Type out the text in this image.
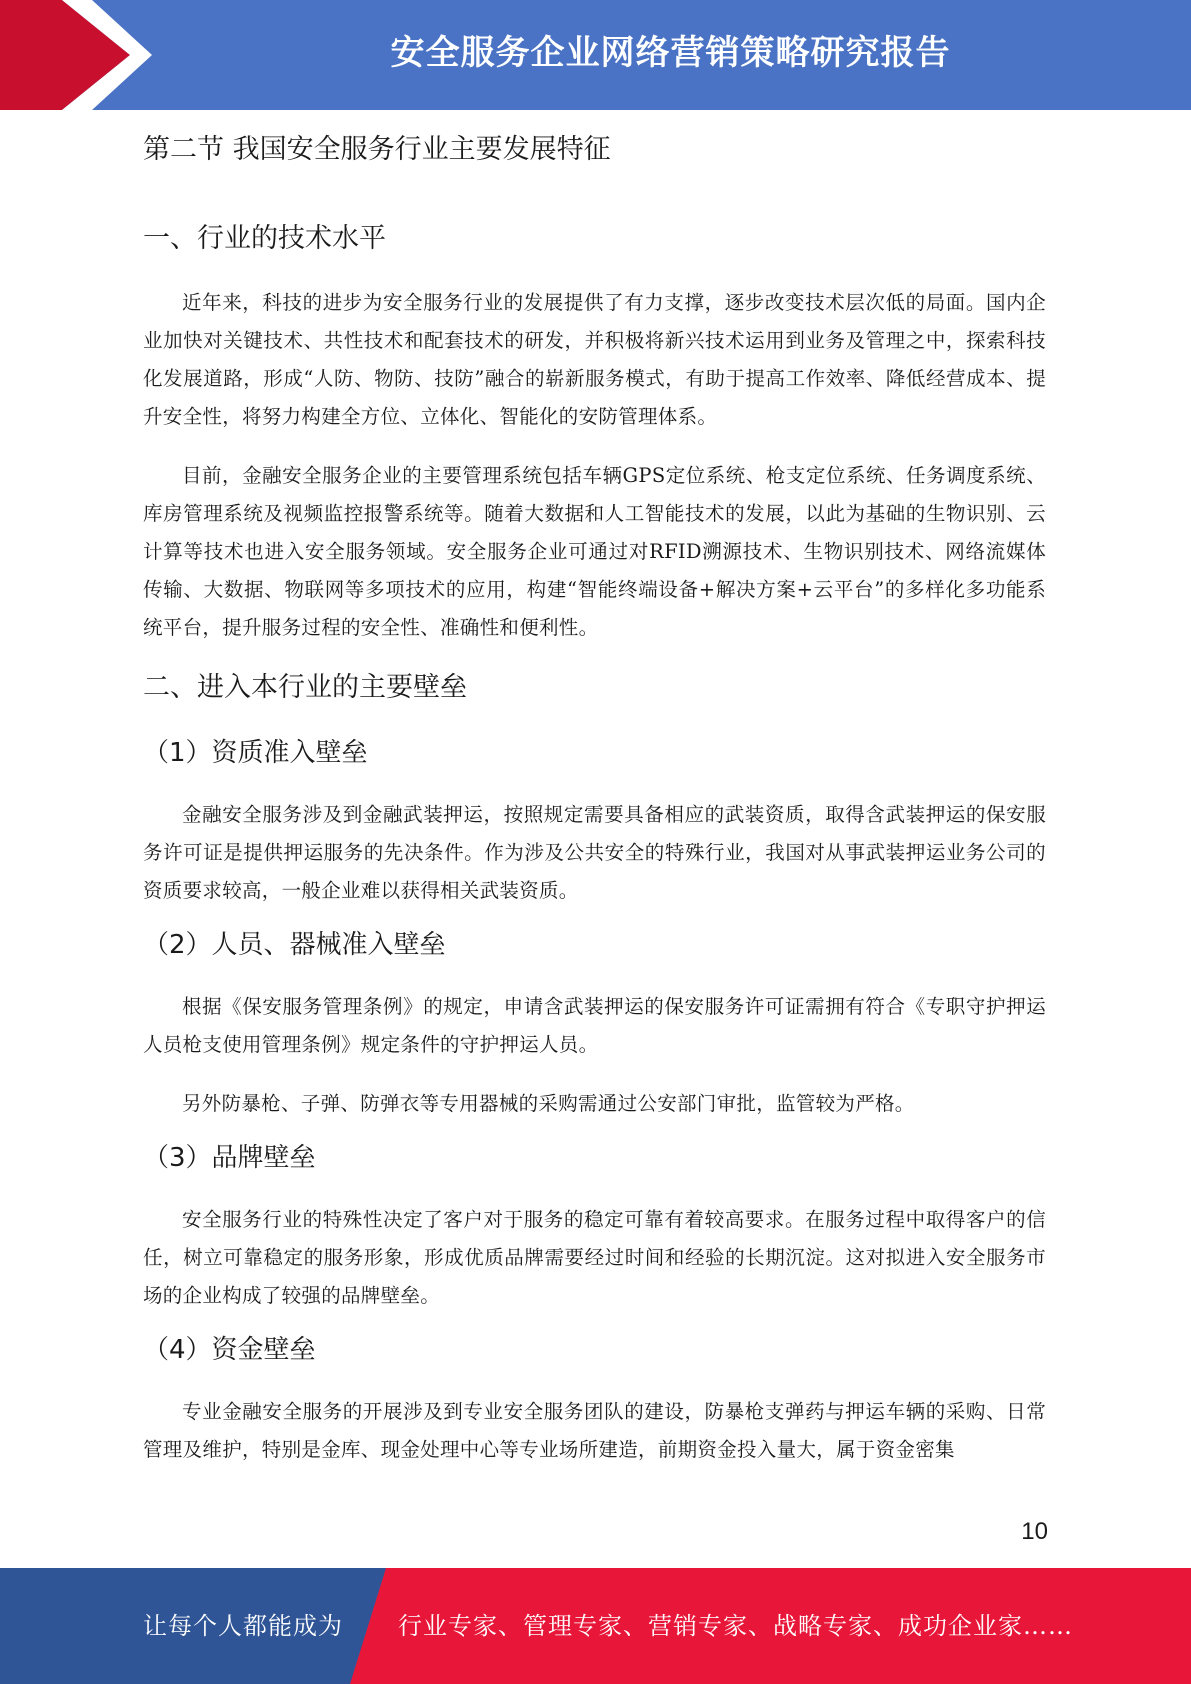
安全服务企业网络营销策略研究报告
第二节 我国安全服务行业主要发展特征
一、行业的技术水平

近年来，科技的进步为安全服务行业的发展提供了有力支撑，逐步改变技术层次低的局面。国内企业加快对关键技术、共性技术和配套技术的研发，并积极将新兴技术运用到业务及管理之中，探索科技化发展道路，形成“人防、物防、技防”融合的崭新服务模式，有助于提高工作效率、降低经营成本、提升安全性，将努力构建全方位、立体化、智能化的安防管理体系。

目前，金融安全服务企业的主要管理系统包括车辆GPS定位系统、枪支定位系统、任务调度系统、库房管理系统及视频监控报警系统等。随着大数据和人工智能技术的发展，以此为基础的生物识别、云计算等技术也进入安全服务领域。安全服务企业可通过对RFID溯源技术、生物识别技术、网络流媒体传输、大数据、物联网等多项技术的应用，构建“智能终端设备+解决方案+云平台”的多样化多功能系统平台，提升服务过程的安全性、准确性和便利性。

二、进入本行业的主要壁垒
（1）资质准入壁垒

金融安全服务涉及到金融武装押运，按照规定需要具备相应的武装资质，取得含武装押运的保安服务许可证是提供押运服务的先决条件。作为涉及公共安全的特殊行业，我国对从事武装押运业务公司的资质要求较高，一般企业难以获得相关武装资质。

（2）人员、器械准入壁垒

根据《保安服务管理条例》的规定，申请含武装押运的保安服务许可证需拥有符合《专职守护押运人员枪支使用管理条例》规定条件的守护押运人员。

另外防暴枪、子弹、防弹衣等专用器械的采购需通过公安部门审批，监管较为严格。

（3）品牌壁垒

安全服务行业的特殊性决定了客户对于服务的稳定可靠有着较高要求。在服务过程中取得客户的信任，树立可靠稳定的服务形象，形成优质品牌需要经过时间和经验的长期沉淀。这对拟进入安全服务市场的企业构成了较强的品牌壁垒。

（4）资金壁垒

专业金融安全服务的开展涉及到专业安全服务团队的建设，防暴枪支弹药与押运车辆的采购、日常管理及维护，特别是金库、现金处理中心等专业场所建造，前期资金投入量大，属于资金密集

10
让每个人都能成为 行业专家、管理专家、营销专家、战略专家、成功企业家……
